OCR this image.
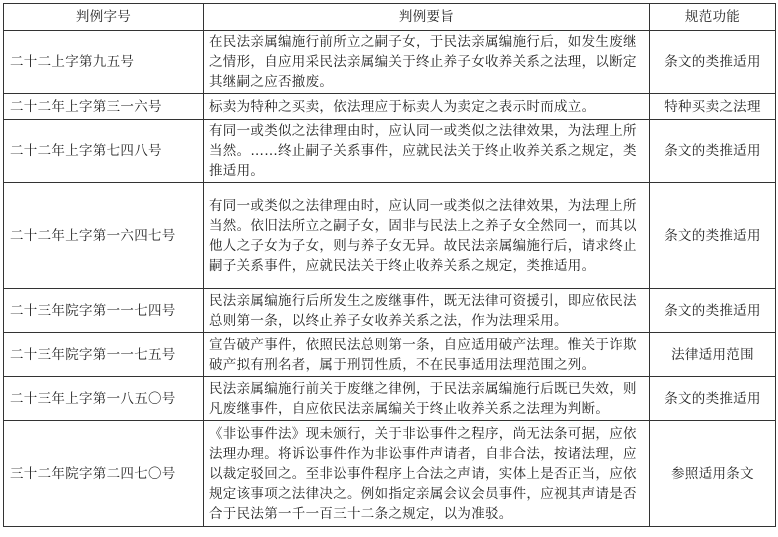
判例字号	判例要旨	规范功能
二十二上字第九五号	在民法亲属编施行前所立之嗣子女，于民法亲属编施行后，如发生废继之情形，自应用采民法亲属编关于终止养子女收养关系之法理，以断定其继嗣之应否撤废。	条文的类推适用
二十二年上字第三一六号	标卖为特种之买卖，依法理应于标卖人为卖定之表示时而成立。	特种买卖之法理
二十二年上字第七四八号	有同一或类似之法律理由时，应认同一或类似之法律效果，为法理上所当然。……终止嗣子关系事件，应就民法关于终止收养关系之规定，类推适用。	条文的类推适用
二十二年上字第一六四七号	有同一或类似之法律理由时，应认同一或类似之法律效果，为法理上所当然。依旧法所立之嗣子女，固非与民法上之养子女全然同一，而其以他人之子女为子女，则与养子女无异。故民法亲属编施行后，请求终止嗣子关系事件，应就民法关于终止收养关系之规定，类推适用。	条文的类推适用
二十三年院字第一一七四号	民法亲属编施行后所发生之废继事件，既无法律可资援引，即应依民法总则第一条，以终止养子女收养关系之法，作为法理采用。	条文的类推适用
二十三年院字第一一七五号	宣告破产事件，依照民法总则第一条，自应适用破产法理。惟关于诈欺破产拟有刑名者，属于刑罚性质，不在民事适用法理范围之列。	法律适用范围
二十三年上字第一八五〇号	民法亲属编施行前关于废继之律例，于民法亲属编施行后既已失效，则凡废继事件，自应依民法亲属编关于终止收养关系之法理为判断。	条文的类推适用
三十二年院字第二四七〇号	《非讼事件法》现未颁行，关于非讼事件之程序，尚无法条可据，应依法理办理。将诉讼事件作为非讼事件声请者，自非合法，按诸法理，应以裁定驳回之。至非讼事件程序上合法之声请，实体上是否正当，应依规定该事项之法律决之。例如指定亲属会议会员事件，应视其声请是否合于民法第一千一百三十二条之规定，以为准驳。	参照适用条文
